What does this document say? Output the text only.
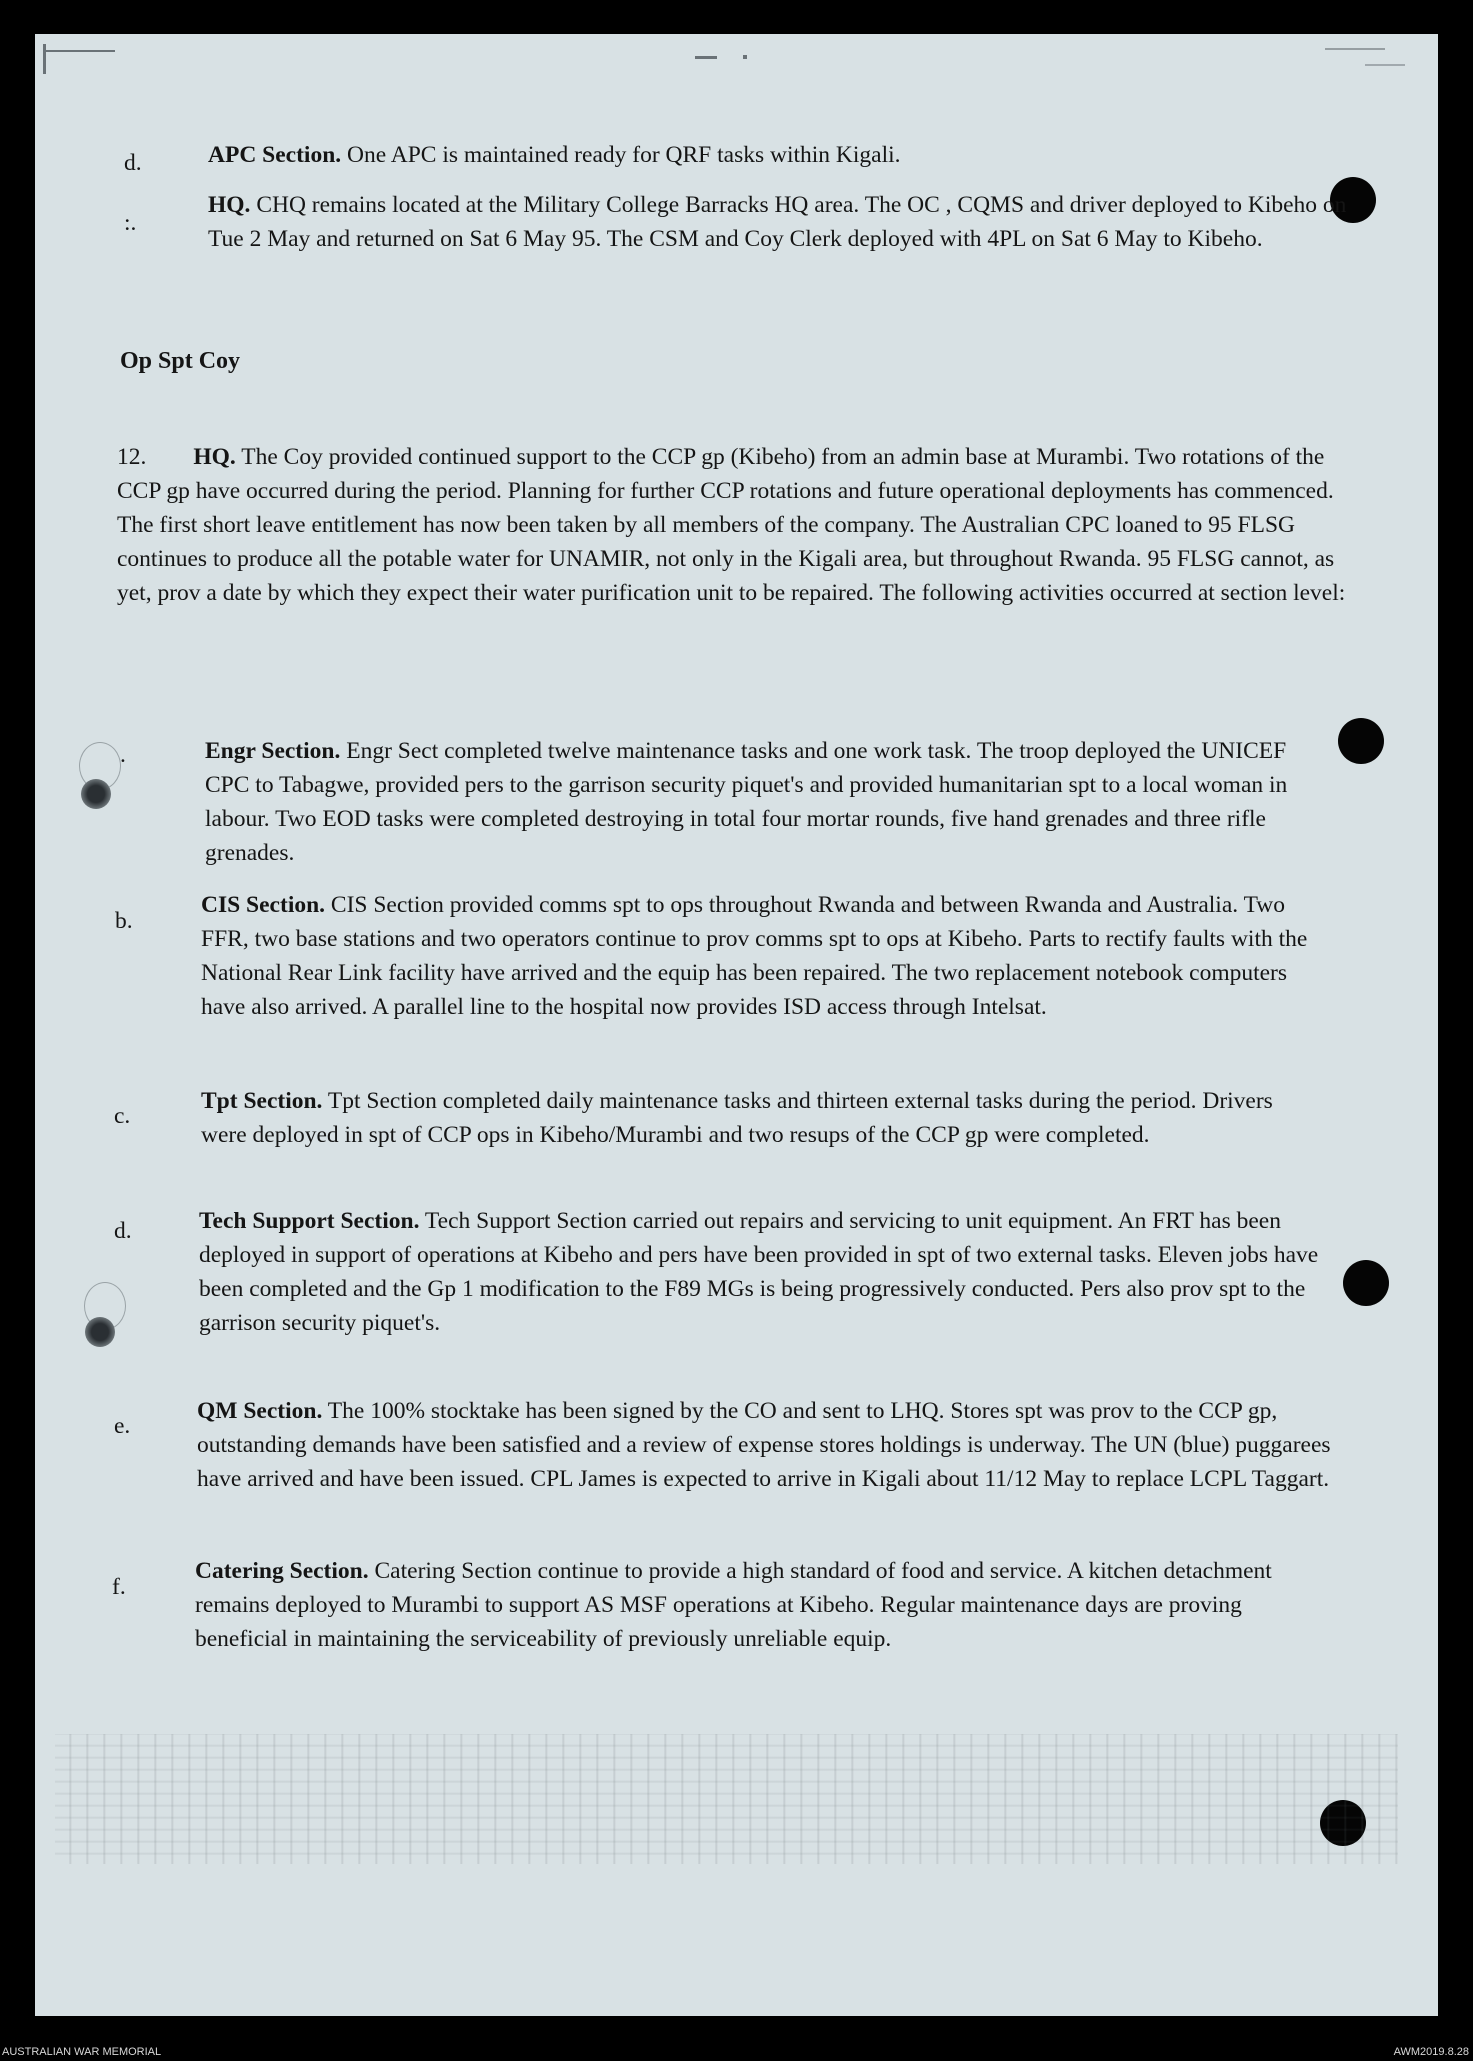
d.	APC Section. One APC is maintained ready for QRF tasks within Kigali.
:.
HQ. CHQ remains located at the Military College Barracks HQ area. The OC , CQMS and driver deployed to Kibeho on Tue 2 May and returned on Sat 6 May 95. The CSM and Coy Clerk deployed with 4PL on Sat 6 May to Kibeho.
Op Spt Coy
12. HQ. The Coy provided continued support to the CCP gp (Kibeho) from an admin base at Murambi. Two rotations of the CCP gp have occurred during the period. Planning for further CCP rotations and future operational deployments has commenced. The first short leave entitlement has now been taken by all members of the company. The Australian CPC loaned to 95 FLSG continues to produce all the potable water for UNAMIR, not only in the Kigali area, but throughout Rwanda. 95 FLSG cannot, as yet, prov a date by which they expect their water purification unit to be repaired. The following activities occurred at section level:
.	Engr Section. Engr Sect completed twelve maintenance tasks and one work task. The troop deployed the UNICEF CPC to Tabagwe, provided pers to the garrison security piquet's and provided humanitarian spt to a local woman in labour. Two EOD tasks were completed destroying in total four mortar rounds, five hand grenades and three rifle grenades.
b.
CIS Section. CIS Section provided comms spt to ops throughout Rwanda and between Rwanda and Australia. Two FFR, two base stations and two operators continue to prov comms spt to ops at Kibeho. Parts to rectify faults with the National Rear Link facility have arrived and the equip has been repaired. The two replacement notebook computers have also arrived. A parallel line to the hospital now provides ISD access through Intelsat.
c.
Tpt Section. Tpt Section completed daily maintenance tasks and thirteen external tasks during the period. Drivers were deployed in spt of CCP ops in Kibeho/Murambi and two resups of the CCP gp were completed.
d.	Tech Support Section. Tech Support Section carried out repairs and servicing to unit equipment. An FRT has been deployed in support of operations at Kibeho and pers have been provided in spt of two external tasks. Eleven jobs have been completed and the Gp 1 modification to the F89 MGs is being progressively conducted. Pers also prov spt to the garrison security piquet's.
e.
QM Section. The 100% stocktake has been signed by the CO and sent to LHQ. Stores spt was prov to the CCP gp, outstanding demands have been satisfied and a review of expense stores holdings is underway. The UN (blue) puggarees have arrived and have been issued. CPL James is expected to arrive in Kigali about 11/12 May to replace LCPL Taggart.
f.
Catering Section. Catering Section continue to provide a high standard of food and service. A kitchen detachment remains deployed to Murambi to support AS MSF operations at Kibeho. Regular maintenance days are proving beneficial in maintaining the serviceability of previously unreliable equip.
AUSTRALIAN WAR MEMORIAL	AWM2019.8.28
